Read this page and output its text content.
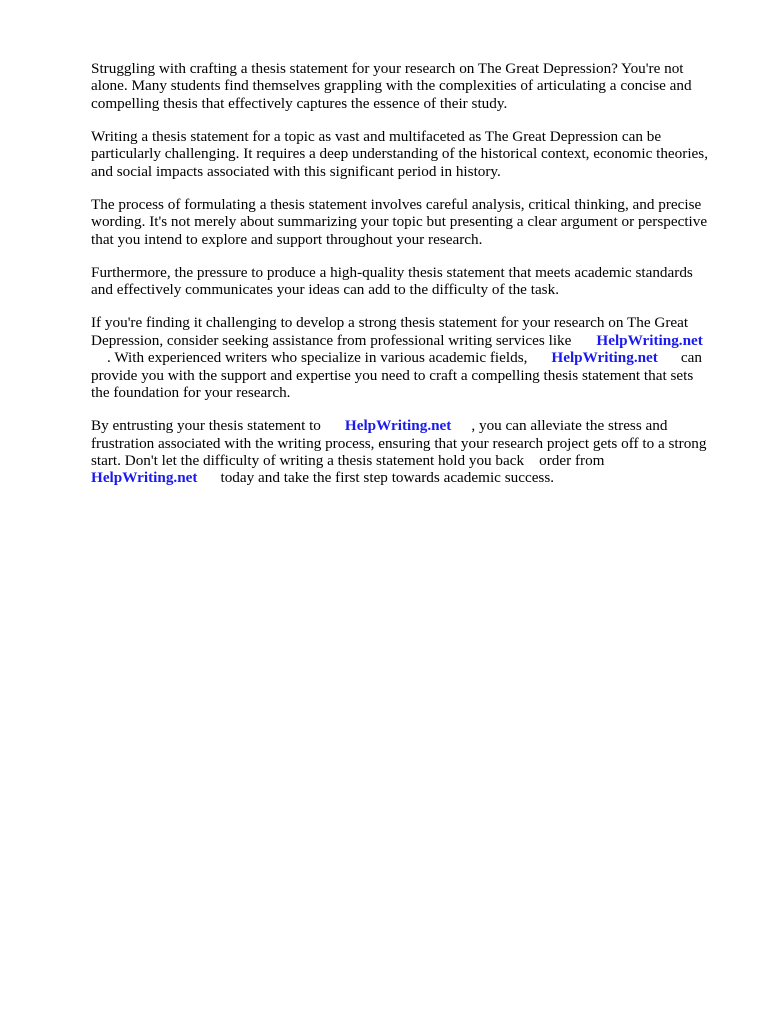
Struggling with crafting a thesis statement for your research on The Great Depression? You're not
alone. Many students find themselves grappling with the complexities of articulating a concise and
compelling thesis that effectively captures the essence of their study.
Writing a thesis statement for a topic as vast and multifaceted as The Great Depression can be
particularly challenging. It requires a deep understanding of the historical context, economic theories,
and social impacts associated with this significant period in history.
The process of formulating a thesis statement involves careful analysis, critical thinking, and precise
wording. It's not merely about summarizing your topic but presenting a clear argument or perspective
that you intend to explore and support throughout your research.
Furthermore, the pressure to produce a high-quality thesis statement that meets academic standards
and effectively communicates your ideas can add to the difficulty of the task.
If you're finding it challenging to develop a strong thesis statement for your research on The Great
Depression, consider seeking assistance from professional writing services like HelpWriting.net
. With experienced writers who specialize in various academic fields, HelpWriting.net can
provide you with the support and expertise you need to craft a compelling thesis statement that sets
the foundation for your research.
By entrusting your thesis statement to HelpWriting.net , you can alleviate the stress and
frustration associated with the writing process, ensuring that your research project gets off to a strong
start. Don't let the difficulty of writing a thesis statement hold you back order from
HelpWriting.net today and take the first step towards academic success.
